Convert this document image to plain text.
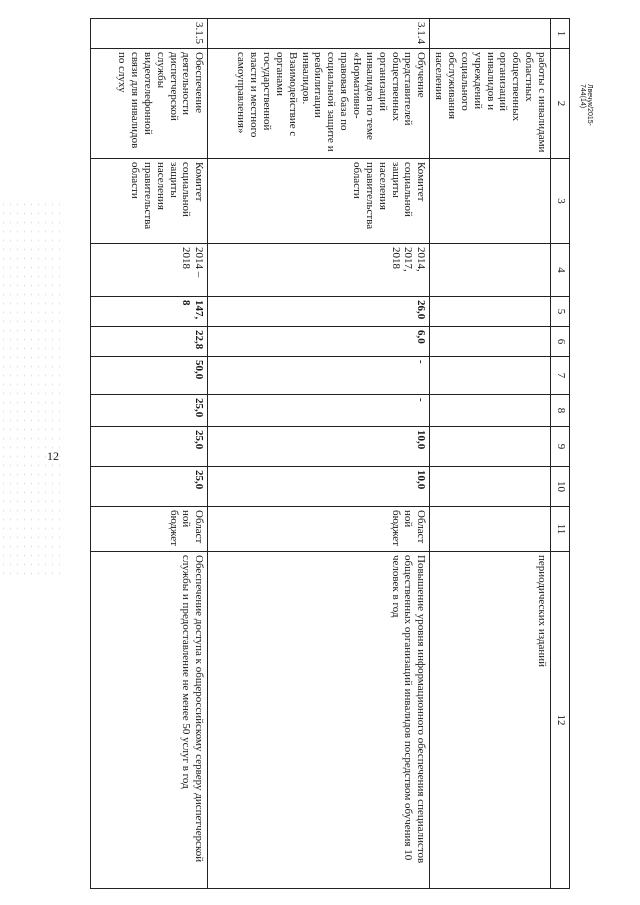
12
Лвечук/2015-744(14)
1	2	3	4	5	6	7	8	9	10	11	12
	работы с инвалидами областных общественных организаций инвалидов и учреждений социального обслуживания населения										периодических изданий
3.1.4	Обучение представителей общественных организаций инвалидов по теме «Нормативно-правовая база по социальной защите и реабилитации инвалидов. Взаимодействие с органами государственной власти и местного самоуправления»	Комитет социальной защиты населения правительства области	2014, 2017, 2018	26,0	6,0	-	-	10,0	10,0	Областной бюджет	Повышение уровня информационного обеспечения специалистов общественных организаций инвалидов посредством обучения 10 человек в год
3.1.5	Обеспечение деятельности диспетчерской службы видеотелефонной связи для инвалидов по слуху	Комитет социальной защиты населения правительства области	2014 – 2018	147,8	22,8	50,0	25,0	25,0	25,0	Областной бюджет	Обеспечение доступа к общероссийскому серверу диспетчерской службы и предоставление не менее 50 услуг в год
